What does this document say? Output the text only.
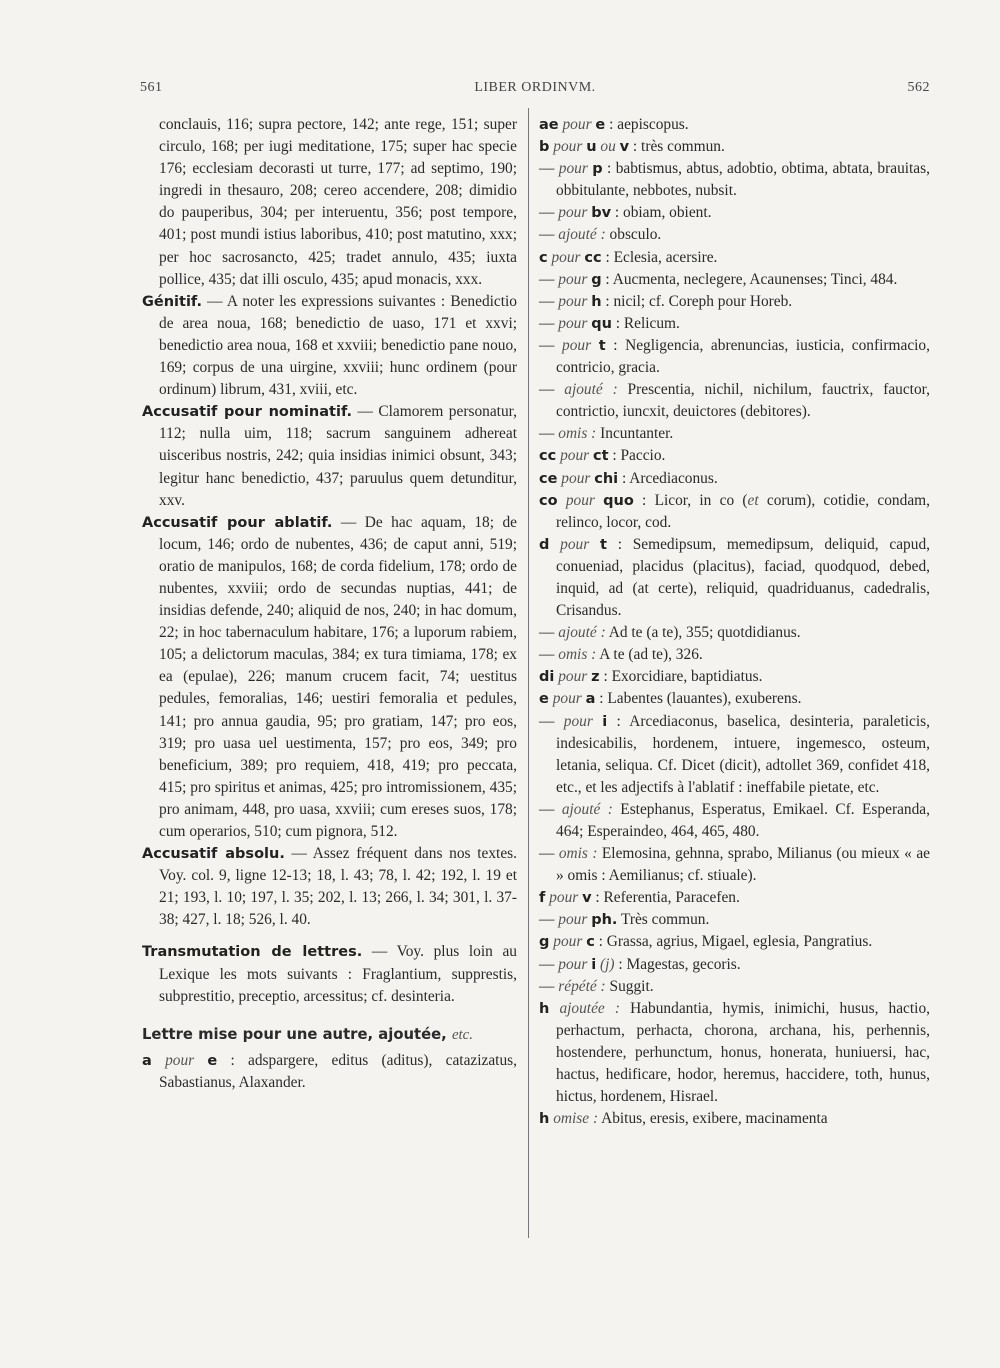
561	LIBER ORDINVM.	562

conclauis, 116; supra pectore, 142; ante rege, 151; super circulo, 168; per iugi meditatione, 175; super hac specie 176; ecclesiam decorasti ut turre, 177; ad septimo, 190; ingredi in thesauro, 208; cereo accendere, 208; dimidio do pauperibus, 304; per interuentu, 356; post tempore, 401; post mundi istius laboribus, 410; post matutino, xxx; per hoc sacrosancto, 425; tradet annulo, 435; iuxta pollice, 435; dat illi osculo, 435; apud monacis, xxx.

Génitif. — A noter les expressions suivantes : Benedictio de area noua, 168; benedictio de uaso, 171 et xxvi; benedictio area noua, 168 et xxviii; benedictio pane nouo, 169; corpus de una uirgine, xxviii; hunc ordinem (pour ordinum) librum, 431, xviii, etc.

Accusatif pour nominatif. — Clamorem personatur, 112; nulla uim, 118; sacrum sanguinem adhereat uisceribus nostris, 242; quia insidias inimici obsunt, 343; legitur hanc benedictio, 437; paruulus quem detunditur, xxv.

Accusatif pour ablatif. — De hac aquam, 18; de locum, 146; ordo de nubentes, 436; de caput anni, 519; oratio de manipulos, 168; de corda fidelium, 178; ordo de nubentes, xxviii; ordo de secundas nuptias, 441; de insidias defende, 240; aliquid de nos, 240; in hac domum, 22; in hoc tabernaculum habitare, 176; a luporum rabiem, 105; a delictorum maculas, 384; ex tura timiama, 178; ex ea (epulae), 226; manum crucem facit, 74; uestitus pedules, femoralias, 146; uestiri femoralia et pedules, 141; pro annua gaudia, 95; pro gratiam, 147; pro eos, 319; pro uasa uel uestimenta, 157; pro eos, 349; pro beneficium, 389; pro requiem, 418, 419; pro peccata, 415; pro spiritus et animas, 425; pro intromissionem, 435; pro animam, 448, pro uasa, xxviii; cum ereses suos, 178; cum operarios, 510; cum pignora, 512.

Accusatif absolu. — Assez fréquent dans nos textes. Voy. col. 9, ligne 12-13; 18, l. 43; 78, l. 42; 192, l. 19 et 21; 193, l. 10; 197, l. 35; 202, l. 13; 266, l. 34; 301, l. 37-38; 427, l. 18; 526, l. 40.

Transmutation de lettres. — Voy. plus loin au Lexique les mots suivants : Fraglantium, supprestis, subprestitio, preceptio, arcessitus; cf. desinteria.

Lettre mise pour une autre, ajoutée, etc.

a pour e : adspargere, editus (aditus), catazizatus, Sabastianus, Alaxander.

ae pour e : aepiscopus.

b pour u ou v : très commun.

— pour p : babtismus, abtus, adobtio, obtima, abtata, brauitas, obbitulante, nebbotes, nubsit.

— pour bv : obiam, obient.

— ajouté : obsculo.

c pour cc : Eclesia, acersire.

— pour g : Aucmenta, neclegere, Acaunenses; Tinci, 484.

— pour h : nicil; cf. Coreph pour Horeb.

— pour qu : Relicum.

— pour t : Negligencia, abrenuncias, iusticia, confirmacio, contricio, gracia.

— ajouté : Prescentia, nichil, nichilum, fauctrix, fauctor, contrictio, iuncxit, deuictores (debitores).

— omis : Incuntanter.

cc pour ct : Paccio.

ce pour chi : Arcediaconus.

co pour quo : Licor, in co (et corum), cotidie, condam, relinco, locor, cod.

d pour t : Semedipsum, memedipsum, deliquid, capud, conueniad, placidus (placitus), faciad, quodquod, debed, inquid, ad (at certe), reliquid, quadriduanus, cadedralis, Crisandus.

— ajouté : Ad te (a te), 355; quotdidianus.

— omis : A te (ad te), 326.

di pour z : Exorcidiare, baptidiatus.

e pour a : Labentes (lauantes), exuberens.

— pour i : Arcediaconus, baselica, desinteria, paraleticis, indesicabilis, hordenem, intuere, ingemesco, osteum, letania, seliqua. Cf. Dicet (dicit), adtollet 369, confidet 418, etc., et les adjectifs à l'ablatif : ineffabile pietate, etc.

— ajouté : Estephanus, Esperatus, Emikael. Cf. Esperanda, 464; Esperaindeo, 464, 465, 480.

— omis : Elemosina, gehnna, sprabo, Milianus (ou mieux « ae » omis : Aemilianus; cf. stiuale).

f pour v : Referentia, Paracefen.

— pour ph. Très commun.

g pour c : Grassa, agrius, Migael, eglesia, Pangratius.

— pour i (j) : Magestas, gecoris.

— répété : Suggit.

h ajoutée : Habundantia, hymis, inimichi, husus, hactio, perhactum, perhacta, chorona, archana, his, perhennis, hostendere, perhunctum, honus, honerata, huniuersi, hac, hactus, hedificare, hodor, heremus, haccidere, toth, hunus, hictus, hordenem, Hisrael.

h omise : Abitus, eresis, exibere, macinamenta
